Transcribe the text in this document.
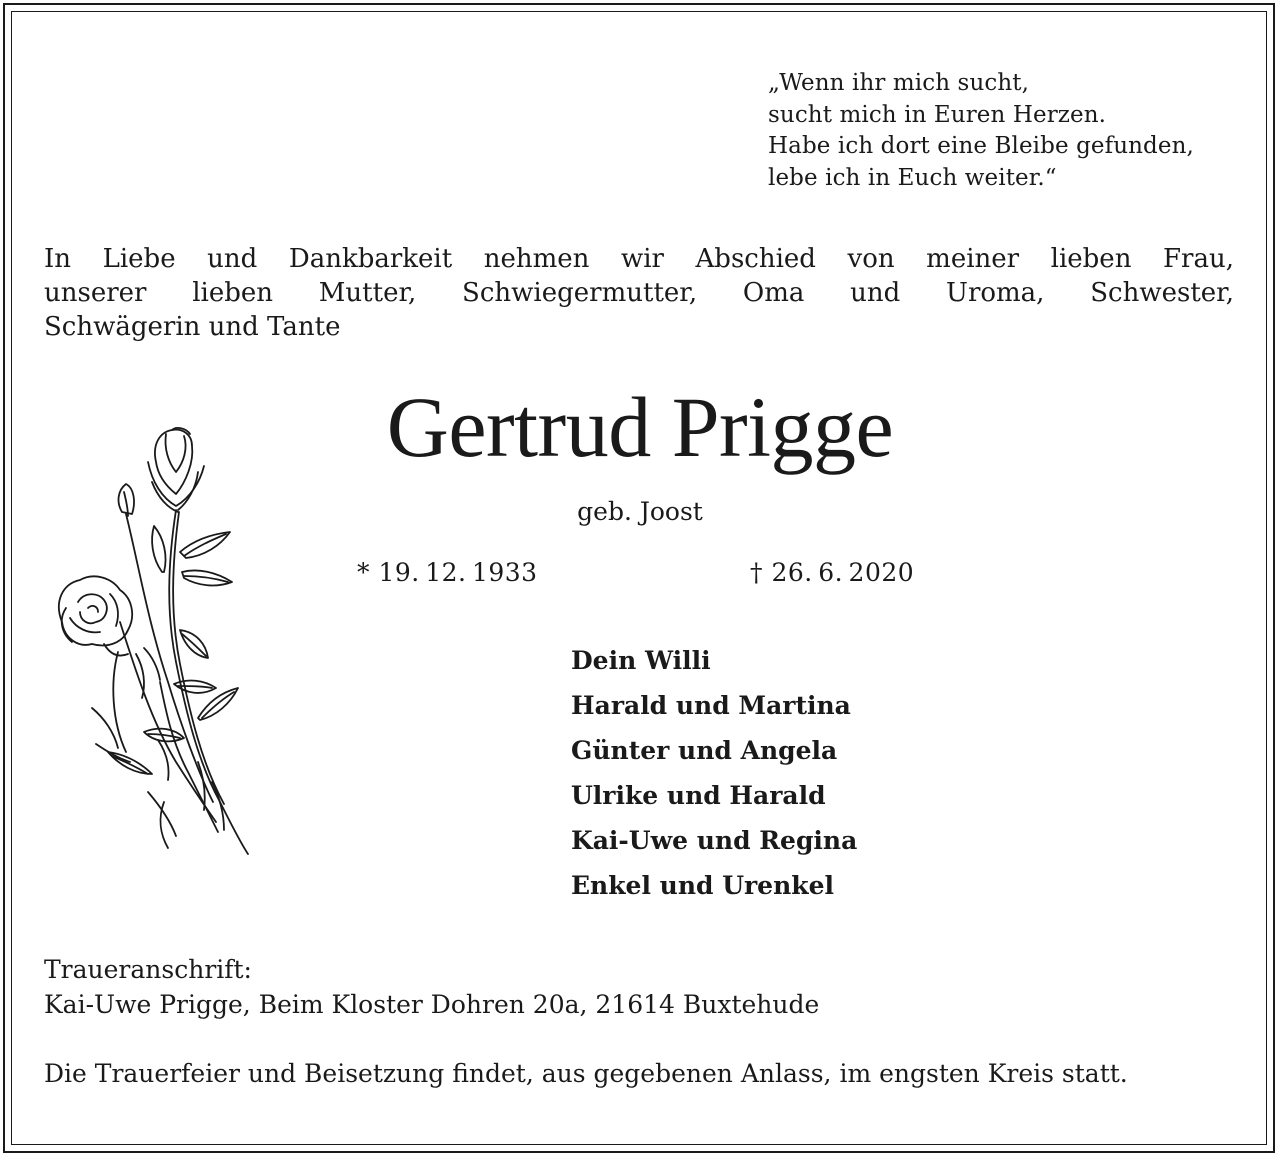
„Wenn ihr mich sucht,
sucht mich in Euren Herzen.
Habe ich dort eine Bleibe gefunden,
lebe ich in Euch weiter.“
In Liebe und Dankbarkeit nehmen wir Abschied von meiner lieben Frau,
unserer lieben Mutter, Schwiegermutter, Oma und Uroma, Schwester,
Schwägerin und Tante
Gertrud Prigge
geb. Joost
* 19. 12. 1933	† 26. 6. 2020
Dein Willi
Harald und Martina
Günter und Angela
Ulrike und Harald
Kai-Uwe und Regina
Enkel und Urenkel
Traueranschrift:
Kai-Uwe Prigge, Beim Kloster Dohren 20a, 21614 Buxtehude
Die Trauerfeier und Beisetzung findet, aus gegebenen Anlass, im engsten Kreis statt.
